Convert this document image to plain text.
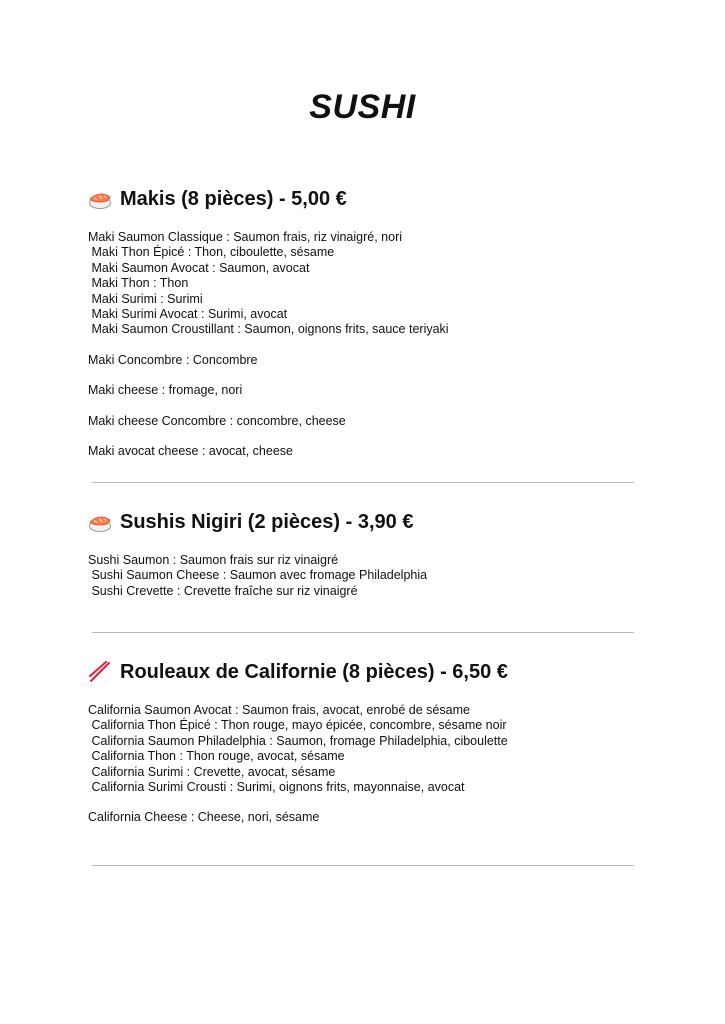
SUSHI
Makis (8 pièces) - 5,00 €
Maki Saumon Classique : Saumon frais, riz vinaigré, nori
Maki Thon Épicé : Thon, ciboulette, sésame
Maki Saumon Avocat : Saumon, avocat
Maki Thon : Thon
Maki Surimi : Surimi
Maki Surimi Avocat : Surimi, avocat
Maki Saumon Croustillant : Saumon, oignons frits, sauce teriyaki
Maki Concombre : Concombre
Maki cheese : fromage, nori
Maki cheese Concombre : concombre, cheese
Maki avocat cheese : avocat, cheese
Sushis Nigiri (2 pièces) - 3,90 €
Sushi Saumon : Saumon frais sur riz vinaigré
Sushi Saumon Cheese : Saumon avec fromage Philadelphia
Sushi Crevette : Crevette fraîche sur riz vinaigré
Rouleaux de Californie (8 pièces) - 6,50 €
California Saumon Avocat : Saumon frais, avocat, enrobé de sésame
California Thon Épicé : Thon rouge, mayo épicée, concombre, sésame noir
California Saumon Philadelphia : Saumon, fromage Philadelphia, ciboulette
California Thon : Thon rouge, avocat, sésame
California Surimi : Crevette, avocat, sésame
California Surimi Crousti : Surimi, oignons frits, mayonnaise, avocat
California Cheese : Cheese, nori, sésame
